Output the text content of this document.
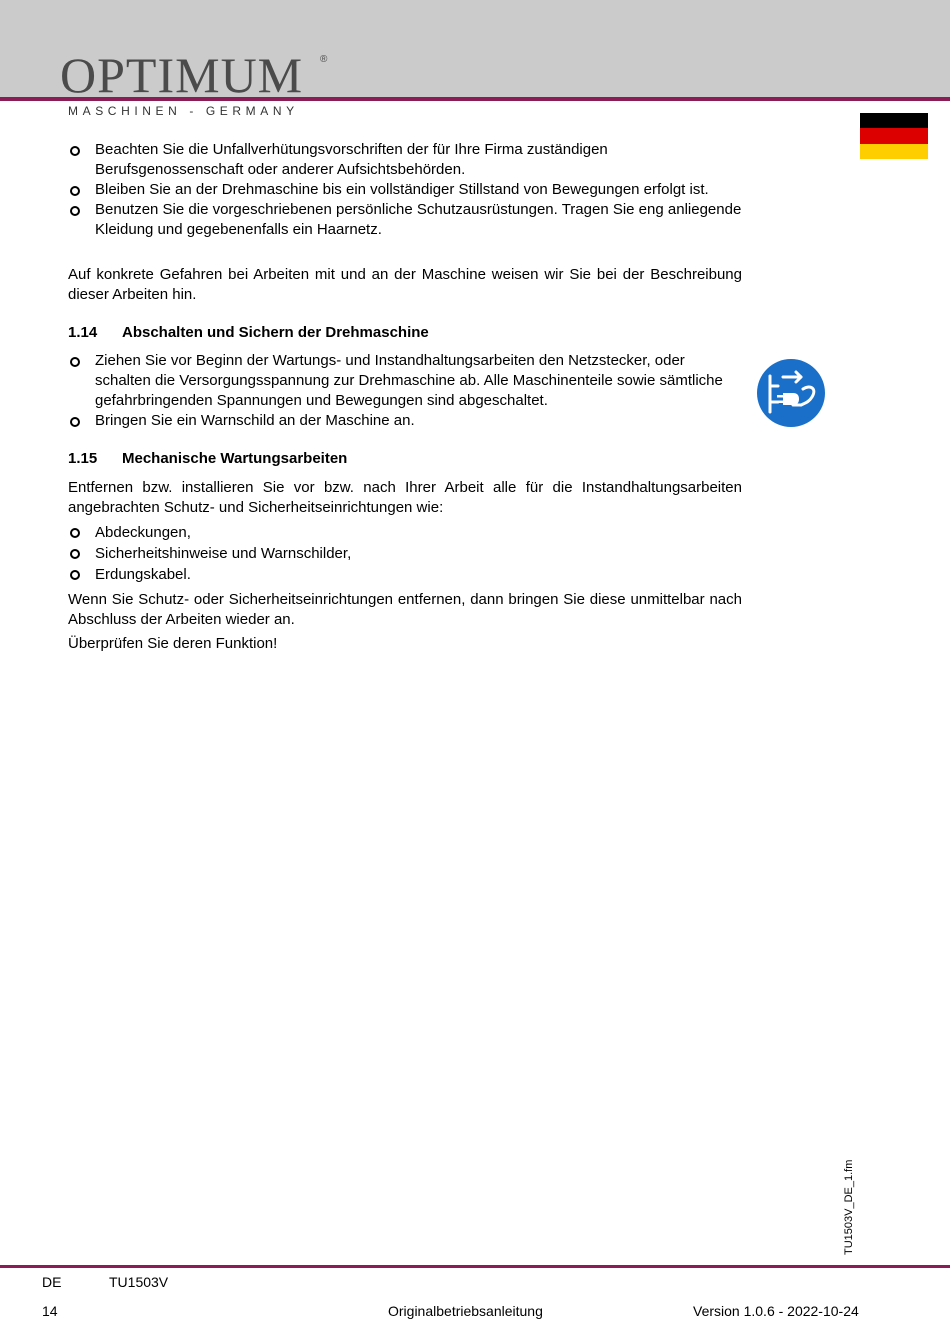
OPTIMUM ®
MASCHINEN - GERMANY
Beachten Sie die Unfallverhütungsvorschriften der für Ihre Firma zuständigen Berufsgenossenschaft oder anderer Aufsichtsbehörden.
Bleiben Sie an der Drehmaschine bis ein vollständiger Stillstand von Bewegungen erfolgt ist.
Benutzen Sie die vorgeschriebenen persönliche Schutzausrüstungen. Tragen Sie eng anliegende Kleidung und gegebenenfalls ein Haarnetz.

Auf konkrete Gefahren bei Arbeiten mit und an der Maschine weisen wir Sie bei der Beschreibung dieser Arbeiten hin.

1.14 Abschalten und Sichern der Drehmaschine
Ziehen Sie vor Beginn der Wartungs- und Instandhaltungsarbeiten den Netzstecker, oder schalten die Versorgungsspannung zur Drehmaschine ab. Alle Maschinenteile sowie sämtliche gefahrbringenden Spannungen und Bewegungen sind abgeschaltet.
Bringen Sie ein Warnschild an der Maschine an.
1.15 Mechanische Wartungsarbeiten

Entfernen bzw. installieren Sie vor bzw. nach Ihrer Arbeit alle für die Instandhaltungsarbeiten angebrachten Schutz- und Sicherheitseinrichtungen wie:

Abdeckungen,
Sicherheitshinweise und Warnschilder,
Erdungskabel.

Wenn Sie Schutz- oder Sicherheitseinrichtungen entfernen, dann bringen Sie diese unmittelbar nach Abschluss der Arbeiten wieder an.

Überprüfen Sie deren Funktion!

TU1503V_DE_1.fm
DE	TU1503V
14	Originalbetriebsanleitung	Version 1.0.6 - 2022-10-24
